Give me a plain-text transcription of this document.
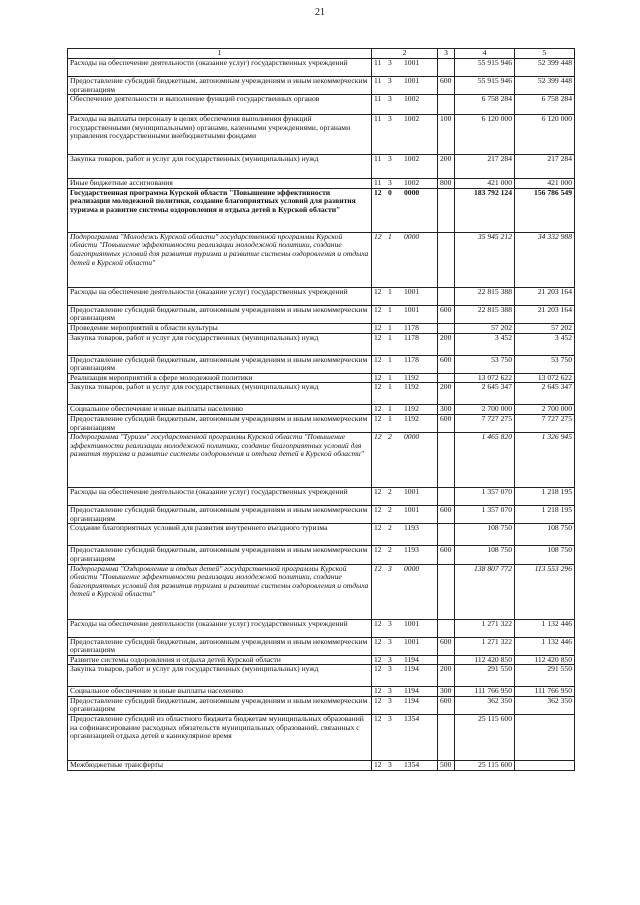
21
1	2	3	4	5
Расходы на обеспечение деятельности (оказание услуг) государственных учреждений	11 3 1001		55 915 946	52 399 448
Предоставление субсидий бюджетным, автономным учреждениям и иным некоммерческим организациям	11 3 1001	600	55 915 946	52 399 448
Обеспечение деятельности и выполнение функций государственных органов	11 3 1002		6 758 284	6 758 284
Расходы на выплаты персоналу в целях обеспечения выполнения функций государственными (муниципальными) органами, казенными учреждениями, органами управления государственными внебюджетными фондами	11 3 1002	100	6 120 000	6 120 000
Закупка товаров, работ и услуг для государственных (муниципальных) нужд	11 3 1002	200	217 284	217 284
Иные бюджетные ассигнования	11 3 1002	800	421 000	421 000
Государственная программа Курской области "Повышение эффективности реализации молодежной политики, создание благоприятных условий для развития туризма и развитие системы оздоровления и отдыха детей в Курской области"	12 0 0000		183 792 124	156 786 549
Подпрограмма "Молодежь Курской области" государственной программы Курской области "Повышение эффективности реализации молодежной политики, создание благоприятных условий для развития туризма и развитие системы оздоровления и отдыха детей в Курской области"	12 1 0000		35 945 212	34 332 988
Расходы на обеспечение деятельности (оказание услуг) государственных учреждений	12 1 1001		22 815 388	21 203 164
Предоставление субсидий бюджетным, автономным учреждениям и иным некоммерческим организациям	12 1 1001	600	22 815 388	21 203 164
Проведение мероприятий в области культуры	12 1 1178		57 202	57 202
Закупка товаров, работ и услуг для государственных (муниципальных) нужд	12 1 1178	200	3 452	3 452
Предоставление субсидий бюджетным, автономным учреждениям и иным некоммерческим организациям	12 1 1178	600	53 750	53 750
Реализация мероприятий в сфере молодежной политики	12 1 1192		13 072 622	13 072 622
Закупка товаров, работ и услуг для государственных (муниципальных) нужд	12 1 1192	200	2 645 347	2 645 347
Социальное обеспечение и иные выплаты населению	12 1 1192	300	2 700 000	2 700 000
Предоставление субсидий бюджетным, автономным учреждениям и иным некоммерческим организациям	12 1 1192	600	7 727 275	7 727 275
Подпрограмма "Туризм" государственной программы Курской области "Повышение эффективности реализации молодежной политики, создание благоприятных условий для развития туризма и развитие системы оздоровления и отдыха детей в Курской области"	12 2 0000		1 465 820	1 326 945
Расходы на обеспечение деятельности (оказание услуг) государственных учреждений	12 2 1001		1 357 070	1 218 195
Предоставление субсидий бюджетным, автономным учреждениям и иным некоммерческим организациям	12 2 1001	600	1 357 070	1 218 195
Создание благоприятных условий для развития внутреннего въездного туризма	12 2 1193		108 750	108 750
Предоставление субсидий бюджетным, автономным учреждениям и иным некоммерческим организациям	12 2 1193	600	108 750	108 750
Подпрограмма "Оздоровление и отдых детей" государственной программы Курской области "Повышение эффективности реализации молодежной политики, создание благоприятных условий для развития туризма и развитие системы оздоровления и отдыха детей в Курской области"	12 3 0000		138 807 772	113 553 296
Расходы на обеспечение деятельности (оказание услуг) государственных учреждений	12 3 1001		1 271 322	1 132 446
Предоставление субсидий бюджетным, автономным учреждениям и иным некоммерческим организациям	12 3 1001	600	1 271 322	1 132 446
Развитие системы оздоровления и отдыха детей Курской области	12 3 1194		112 420 850	112 420 850
Закупка товаров, работ и услуг для государственных (муниципальных) нужд	12 3 1194	200	291 550	291 550
Социальное обеспечение и иные выплаты населению	12 3 1194	300	111 766 950	111 766 950
Предоставление субсидий бюджетным, автономным учреждениям и иным некоммерческим организациям	12 3 1194	600	362 350	362 350
Предоставление субсидий из областного бюджета бюджетам муниципальных образований на софинансирование расходных обязательств муниципальных образований, связанных с организацией отдыха детей в каникулярное время	12 3 1354		25 115 600	
Межбюджетные трансферты	12 3 1354	500	25 115 600	
